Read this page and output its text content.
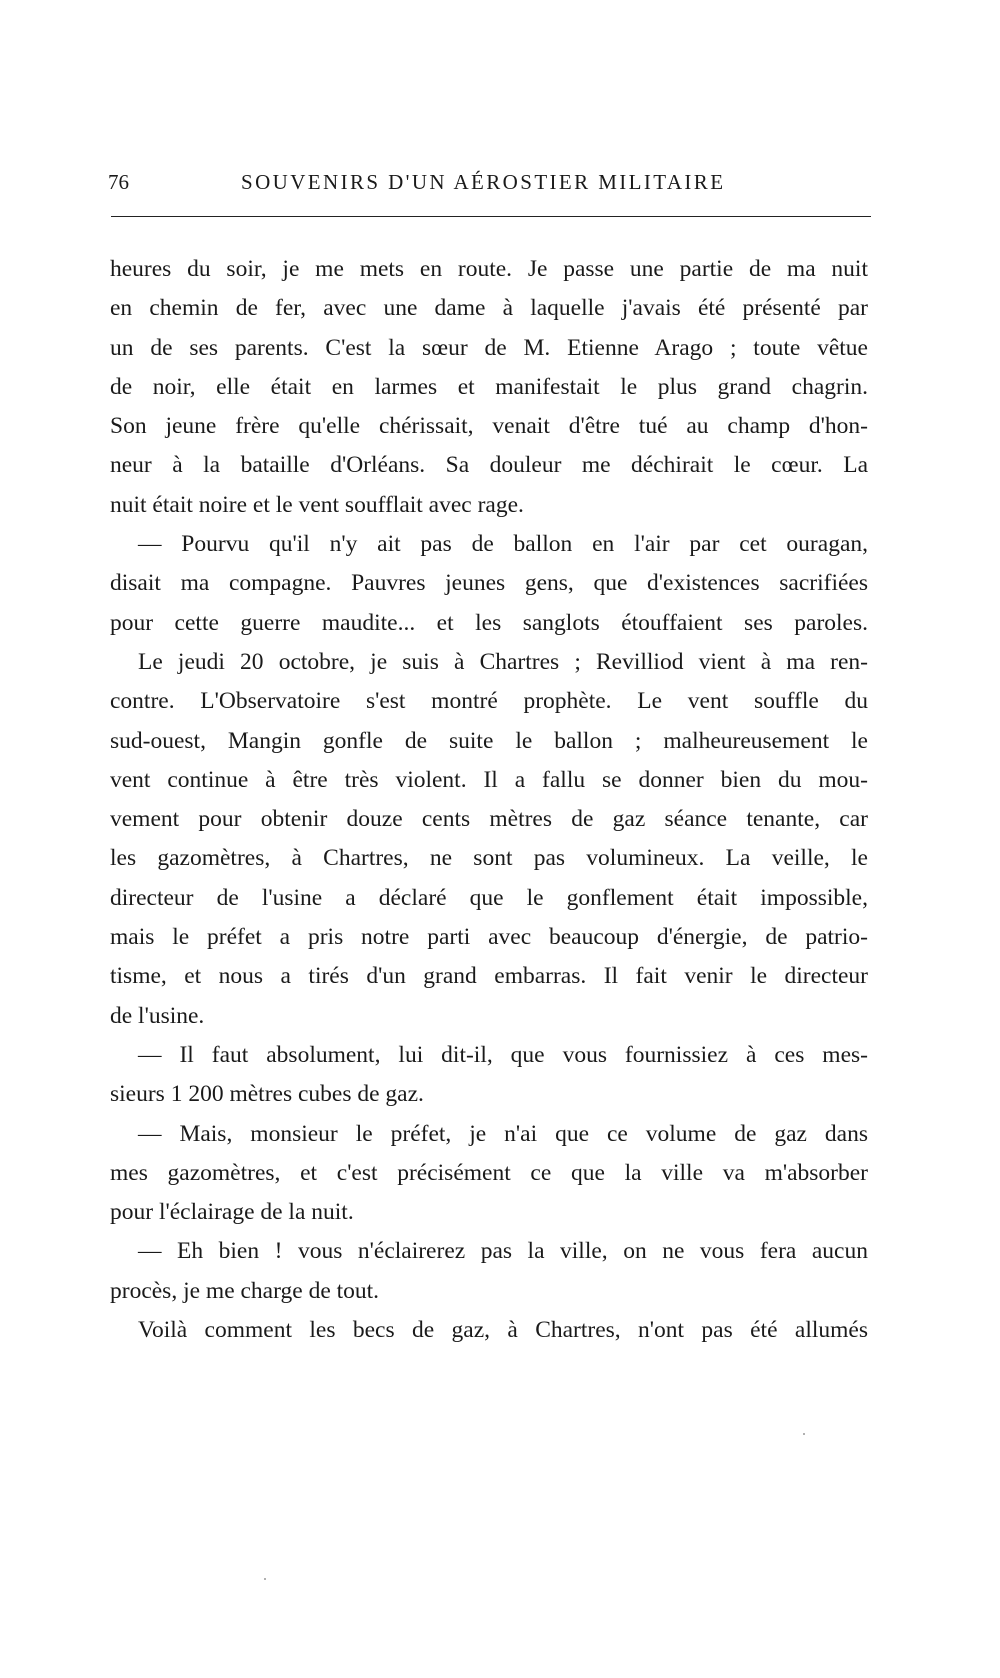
76	SOUVENIRS D'UN AÉROSTIER MILITAIRE
heures du soir, je me mets en route. Je passe une partie de ma nuit
en chemin de fer, avec une dame à laquelle j'avais été présenté par
un de ses parents. C'est la sœur de M. Etienne Arago ; toute vêtue
de noir, elle était en larmes et manifestait le plus grand chagrin.
Son jeune frère qu'elle chérissait, venait d'être tué au champ d'hon-
neur à la bataille d'Orléans. Sa douleur me déchirait le cœur. La
nuit était noire et le vent soufflait avec rage.
— Pourvu qu'il n'y ait pas de ballon en l'air par cet ouragan,
disait ma compagne. Pauvres jeunes gens, que d'existences sacrifiées
pour cette guerre maudite... et les sanglots étouffaient ses paroles.
Le jeudi 20 octobre, je suis à Chartres ; Revilliod vient à ma ren-
contre. L'Observatoire s'est montré prophète. Le vent souffle du
sud-ouest, Mangin gonfle de suite le ballon ; malheureusement le
vent continue à être très violent. Il a fallu se donner bien du mou-
vement pour obtenir douze cents mètres de gaz séance tenante, car
les gazomètres, à Chartres, ne sont pas volumineux. La veille, le
directeur de l'usine a déclaré que le gonflement était impossible,
mais le préfet a pris notre parti avec beaucoup d'énergie, de patrio-
tisme, et nous a tirés d'un grand embarras. Il fait venir le directeur
de l'usine.
— Il faut absolument, lui dit-il, que vous fournissiez à ces mes-
sieurs 1 200 mètres cubes de gaz.
— Mais, monsieur le préfet, je n'ai que ce volume de gaz dans
mes gazomètres, et c'est précisément ce que la ville va m'absorber
pour l'éclairage de la nuit.
— Eh bien ! vous n'éclairerez pas la ville, on ne vous fera aucun
procès, je me charge de tout.
Voilà comment les becs de gaz, à Chartres, n'ont pas été allumés
